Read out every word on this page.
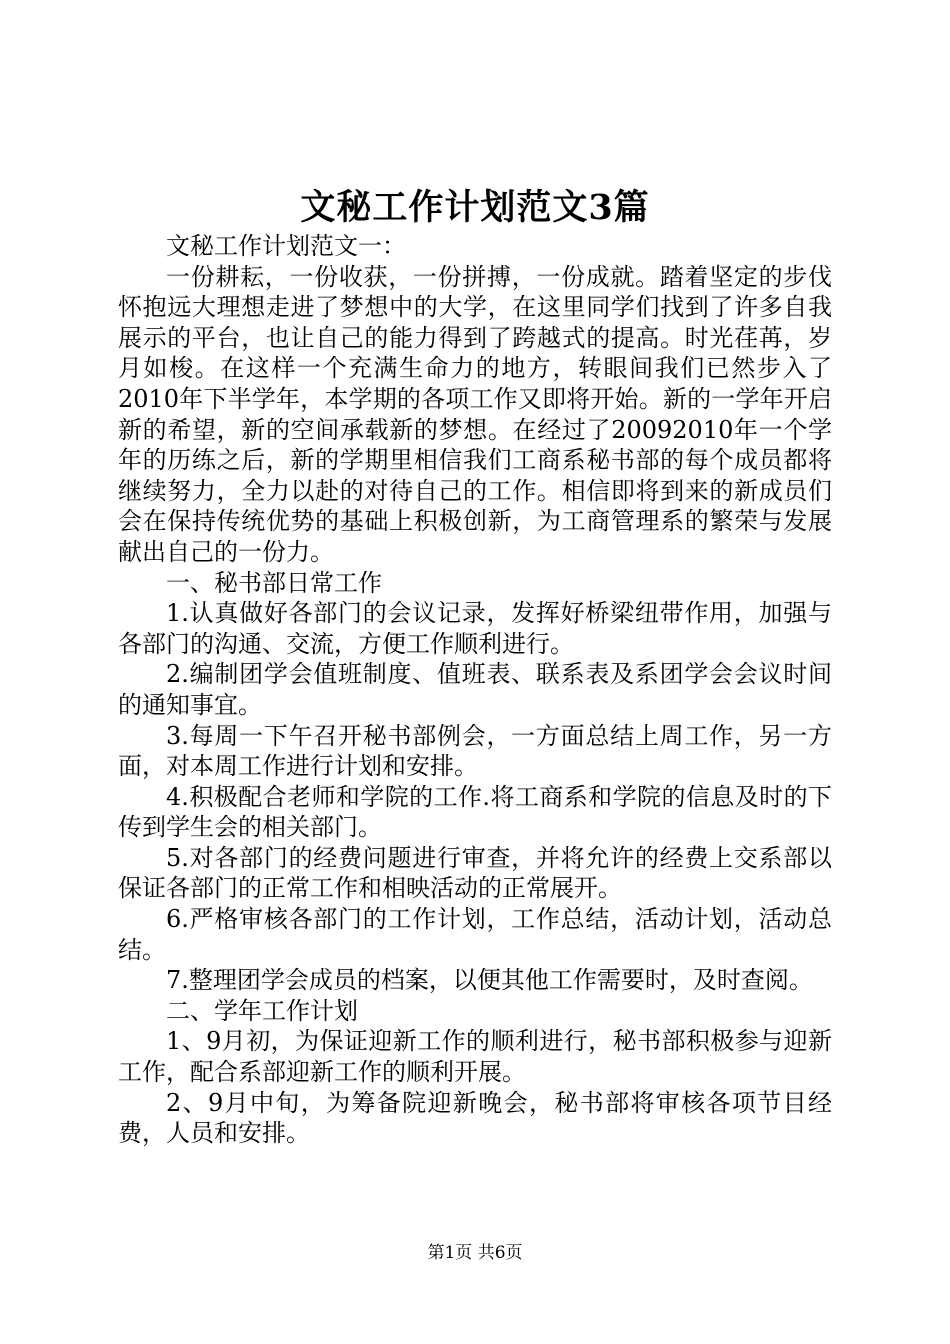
文秘工作计划范文3篇

文秘工作计划范文一：

一份耕耘，一份收获，一份拼搏，一份成就。踏着坚定的步伐怀抱远大理想走进了梦想中的大学，在这里同学们找到了许多自我展示的平台，也让自己的能力得到了跨越式的提高。时光荏苒，岁月如梭。在这样一个充满生命力的地方，转眼间我们已然步入了2010年下半学年，本学期的各项工作又即将开始。新的一学年开启新的希望，新的空间承载新的梦想。在经过了20092010年一个学年的历练之后，新的学期里相信我们工商系秘书部的每个成员都将继续努力，全力以赴的对待自己的工作。相信即将到来的新成员们会在保持传统优势的基础上积极创新，为工商管理系的繁荣与发展献出自己的一份力。

一、秘书部日常工作

1.认真做好各部门的会议记录，发挥好桥梁纽带作用，加强与各部门的沟通、交流，方便工作顺利进行。

2.编制团学会值班制度、值班表、联系表及系团学会会议时间的通知事宜。

3.每周一下午召开秘书部例会，一方面总结上周工作，另一方面，对本周工作进行计划和安排。

4.积极配合老师和学院的工作.将工商系和学院的信息及时的下传到学生会的相关部门。

5.对各部门的经费问题进行审查，并将允许的经费上交系部以保证各部门的正常工作和相映活动的正常展开。

6.严格审核各部门的工作计划，工作总结，活动计划，活动总结。

7.整理团学会成员的档案，以便其他工作需要时，及时查阅。

二、学年工作计划

1、9月初，为保证迎新工作的顺利进行，秘书部积极参与迎新工作，配合系部迎新工作的顺利开展。

2、9月中旬，为筹备院迎新晚会，秘书部将审核各项节目经费，人员和安排。

第1页 共6页
